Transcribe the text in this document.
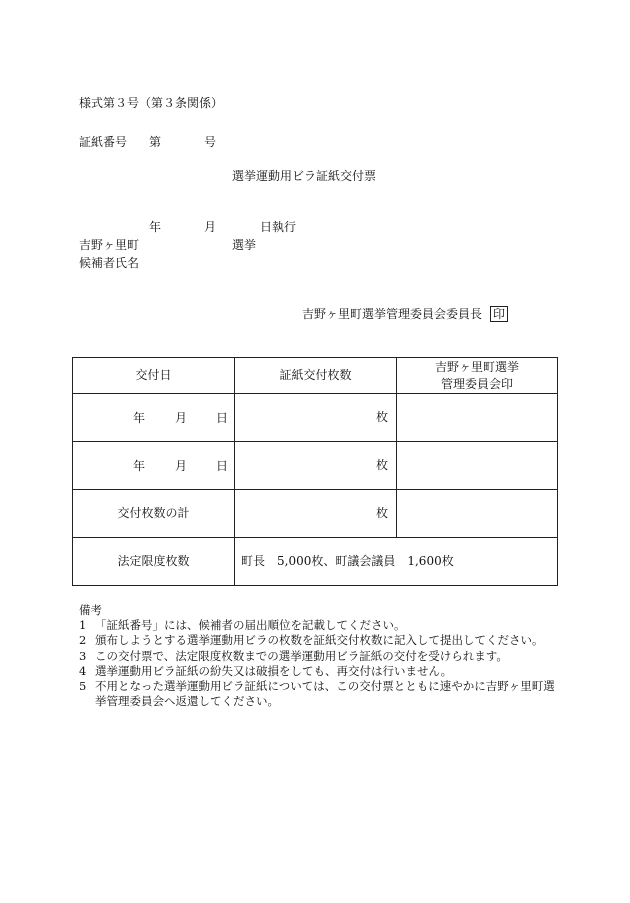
様式第３号（第３条関係）
証紙番号 第	号
選挙運動用ビラ証紙交付票
年	月	日執行
吉野ヶ里町	選挙
候補者氏名
吉野ヶ里町選挙管理委員会委員長 印
交付日	証紙交付枚数	吉野ヶ里町選挙
管理委員会印

年 月 日	枚	

年 月 日	枚	
交付枚数の計	枚	
法定限度枚数	町長　5,000枚、町議会議員　1,600枚	
備考
1 「証紙番号」には、候補者の届出順位を記載してください。
2 頒布しようとする選挙運動用ビラの枚数を証紙交付枚数に記入して提出してください。
3 この交付票で、法定限度枚数までの選挙運動用ビラ証紙の交付を受けられます。
4 選挙運動用ビラ証紙の紛失又は破損をしても、再交付は行いません。
5 不用となった選挙運動用ビラ証紙については、この交付票とともに速やかに吉野ヶ里町選挙管理委員会へ返還してください。
